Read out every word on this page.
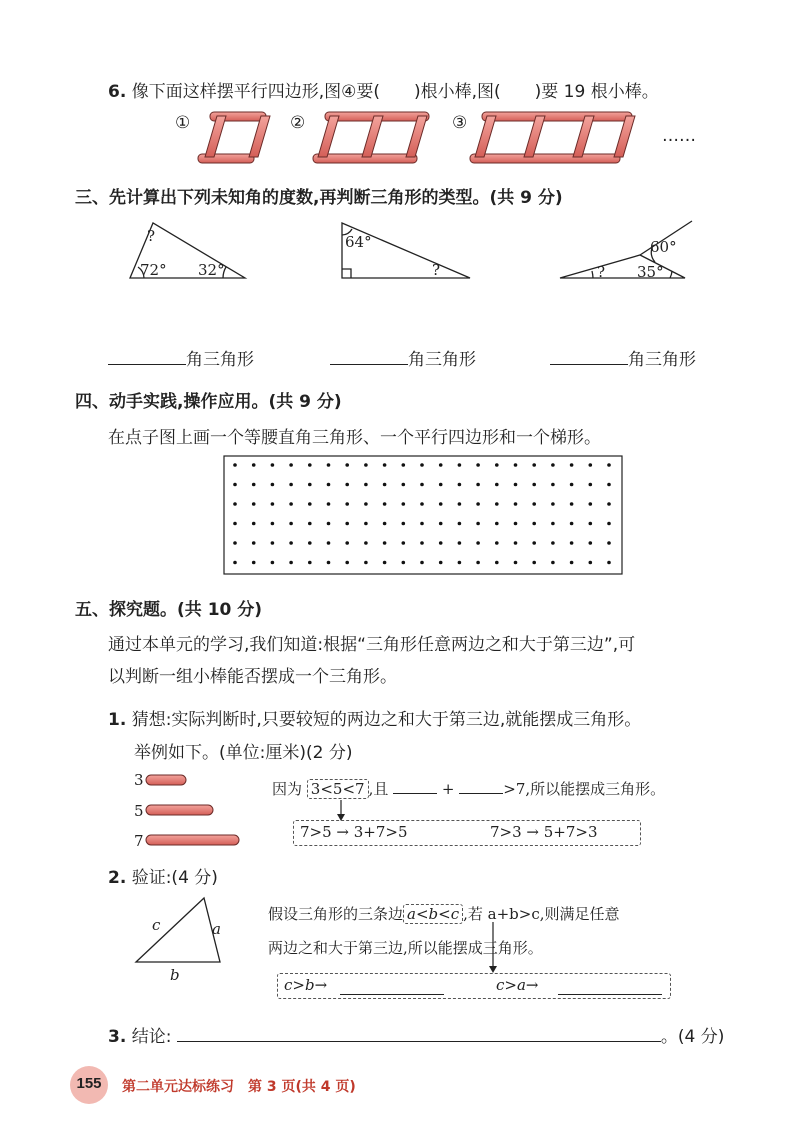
6. 像下面这样摆平行四边形,图④要(　　)根小棒,图(　　)要 19 根小棒。
①	②	③
……
三、先计算出下列未知角的度数,再判断三角形的类型。(共 9 分)
?
72° 32°
64°
?
60°
? 35°
角三角形	角三角形	角三角形
四、动手实践,操作应用。(共 9 分)
在点子图上画一个等腰直角三角形、一个平行四边形和一个梯形。
五、探究题。(共 10 分)
通过本单元的学习,我们知道:根据“三角形任意两边之和大于第三边”,可
以判断一组小棒能否摆成一个三角形。
1. 猜想:实际判断时,只要较短的两边之和大于第三边,就能摆成三角形。
举例如下。(单位:厘米)(2 分)
3
5
7
因为 3<5<7 ,且	+	>7,所以能摆成三角形。
7>5 → 3+7>5	7>3 → 5+7>3
2. 验证:(4 分)
c	a
b
假设三角形的三条边 a<b<c ,若 a+b>c,则满足任意
两边之和大于第三边,所以能摆成三角形。
c>b→	c>a→
3. 结论:	。(4 分)
155	第二单元达标练习　第 3 页(共 4 页)
